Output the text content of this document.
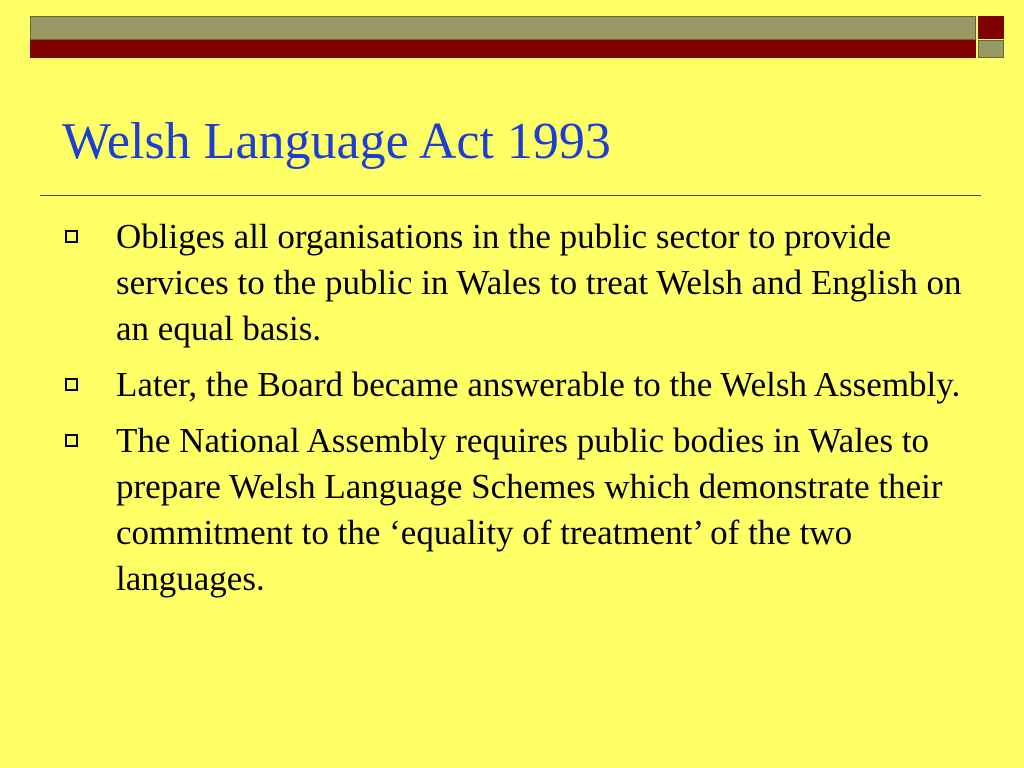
Welsh Language Act 1993
Obliges all organisations in the public sector to provide services to the public in Wales to treat Welsh and English on an equal basis.
Later, the Board became answerable to the Welsh Assembly.
The National Assembly requires public bodies in Wales to prepare Welsh Language Schemes which demonstrate their commitment to the ‘equality of treatment’ of the two languages.
